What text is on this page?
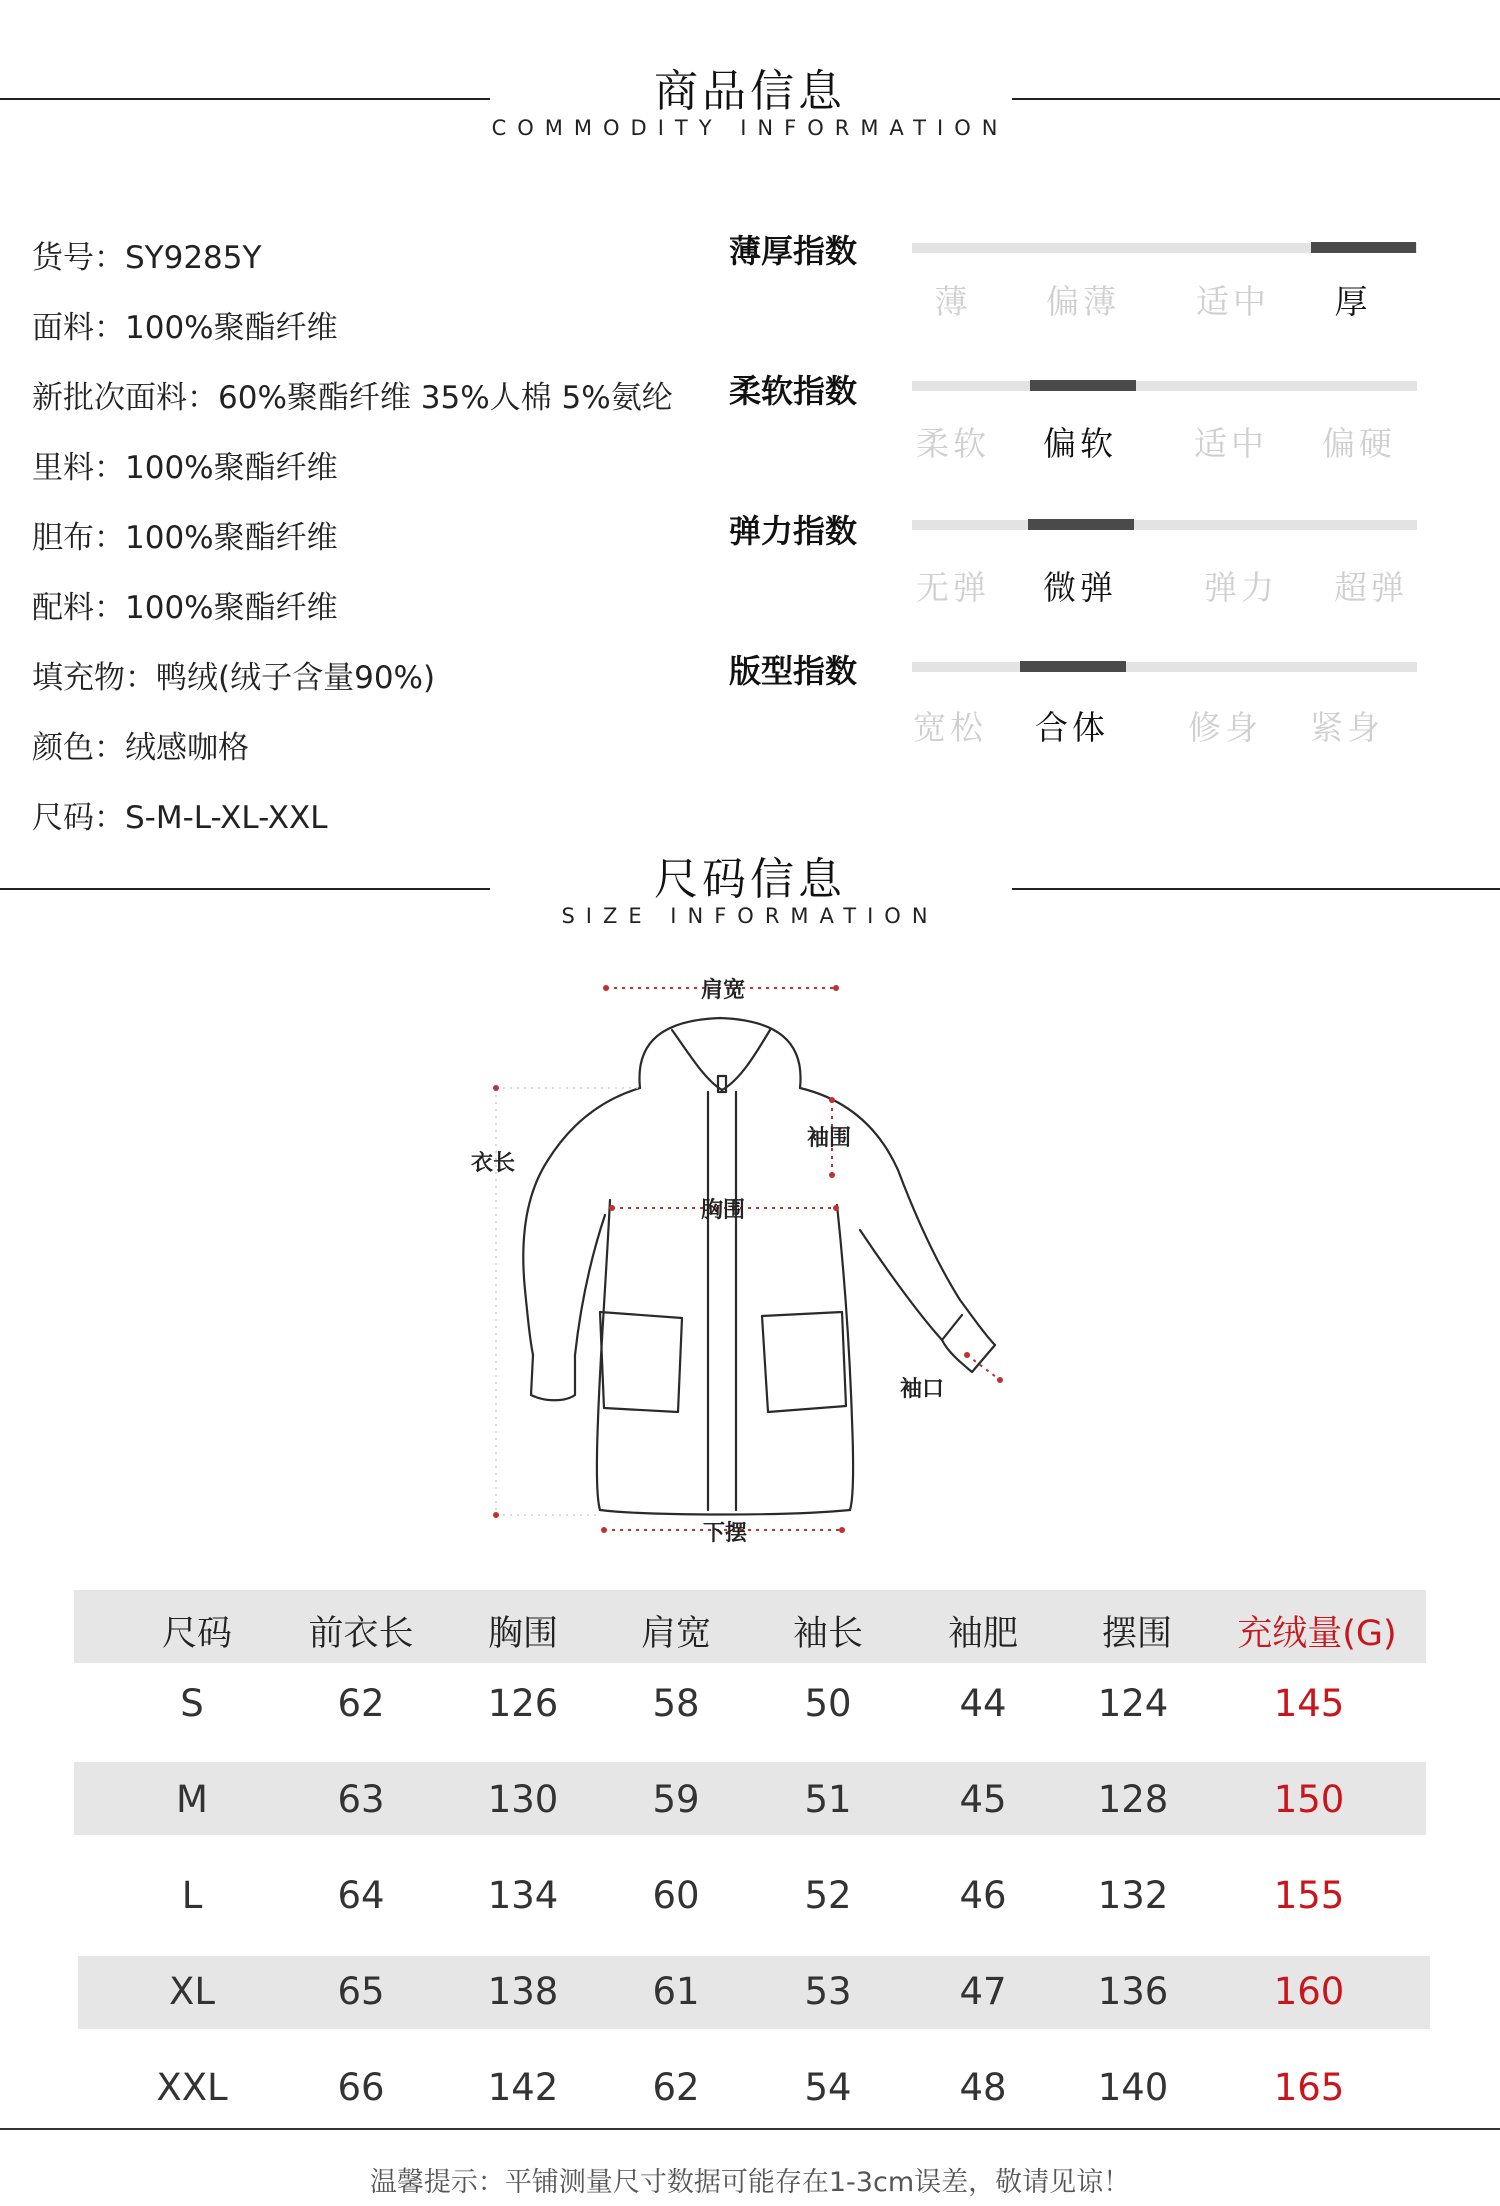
商品信息
COMMODITY INFORMATION
货号：SY9285Y
面料：100%聚酯纤维
新批次面料：60%聚酯纤维 35%人棉 5%氨纶
里料：100%聚酯纤维
胆布：100%聚酯纤维
配料：100%聚酯纤维
填充物：鸭绒(绒子含量90%)
颜色：绒感咖格
尺码：S-M-L-XL-XXL
薄厚指数
薄	偏薄	适中	厚
柔软指数
柔软	偏软	适中	偏硬
弹力指数
无弹	微弹	弹力	超弹
版型指数
宽松	合体	修身	紧身
尺码信息
SIZE INFORMATION
肩宽
衣长
袖围
胸围
袖口
下摆
尺码	前衣长	胸围	肩宽	袖长	袖肥	摆围	充绒量(G)
S	62	126	58	50	44	124	145
M	63	130	59	51	45	128	150
L	64	134	60	52	46	132	155
XL	65	138	61	53	47	136	160
XXL	66	142	62	54	48	140	165
温馨提示：平铺测量尺寸数据可能存在1-3cm误差，敬请见谅！
